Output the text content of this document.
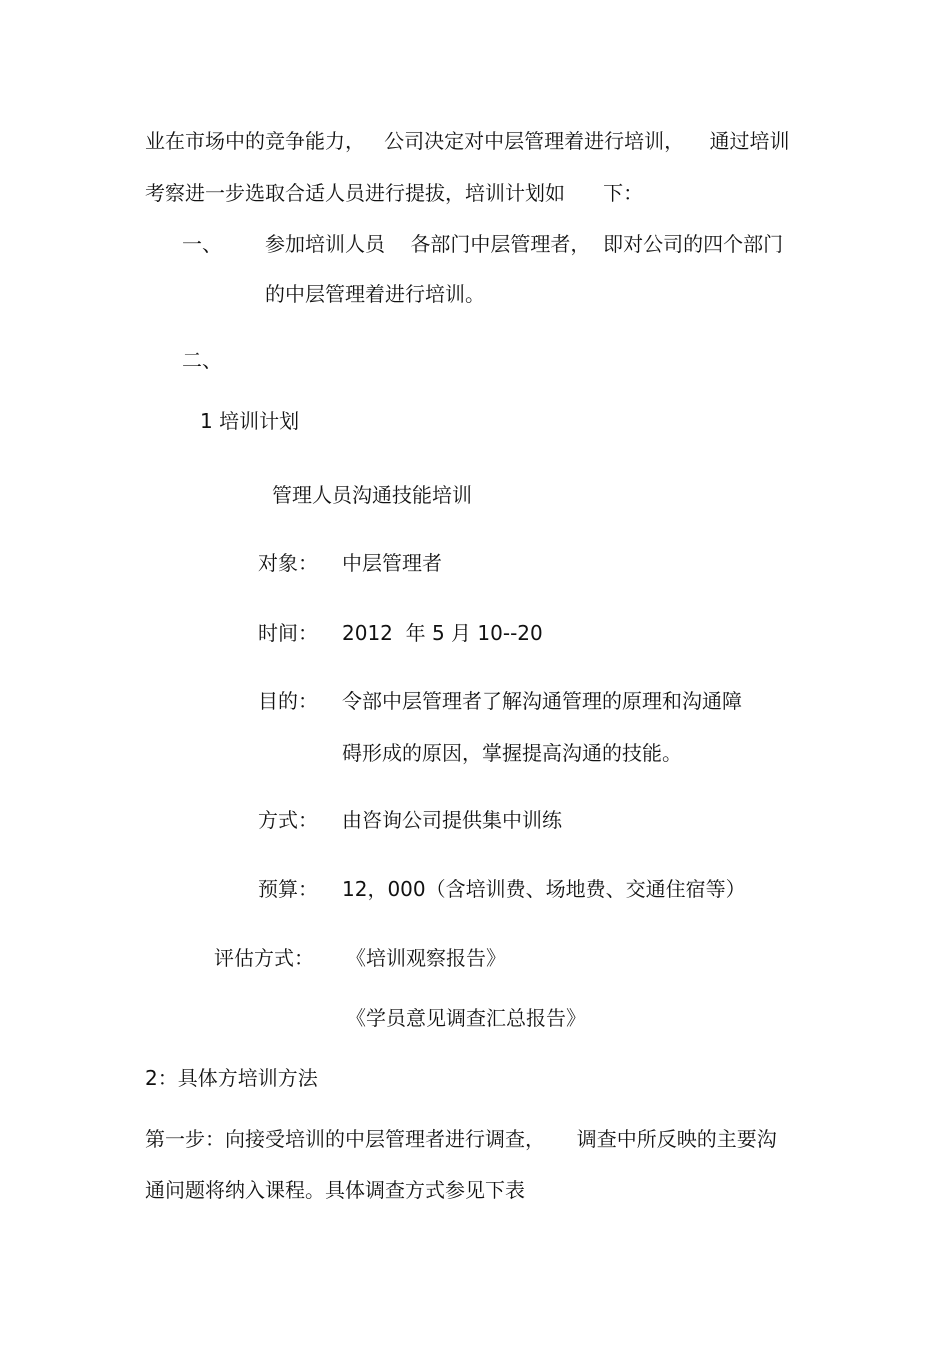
业在市场中的竞争能力，   公司决定对中层管理着进行培训，    通过培训

考察进一步选取合适人员进行提拔，培训计划如      下：

一、 参加培训人员    各部门中层管理者，  即对公司的四个部门

的中层管理着进行培训。

二、

1 培训计划

管理人员沟通技能培训

对象： 中层管理者

时间： 2012  年 5 月 10--20

目的： 令部中层管理者了解沟通管理的原理和沟通障

碍形成的原因，掌握提高沟通的技能。

方式： 由咨询公司提供集中训练

预算： 12，000（含培训费、场地费、交通住宿等）

评估方式： 《培训观察报告》

《学员意见调查汇总报告》

2：具体方培训方法

第一步：向接受培训的中层管理者进行调查，     调查中所反映的主要沟

通问题将纳入课程。具体调查方式参见下表
